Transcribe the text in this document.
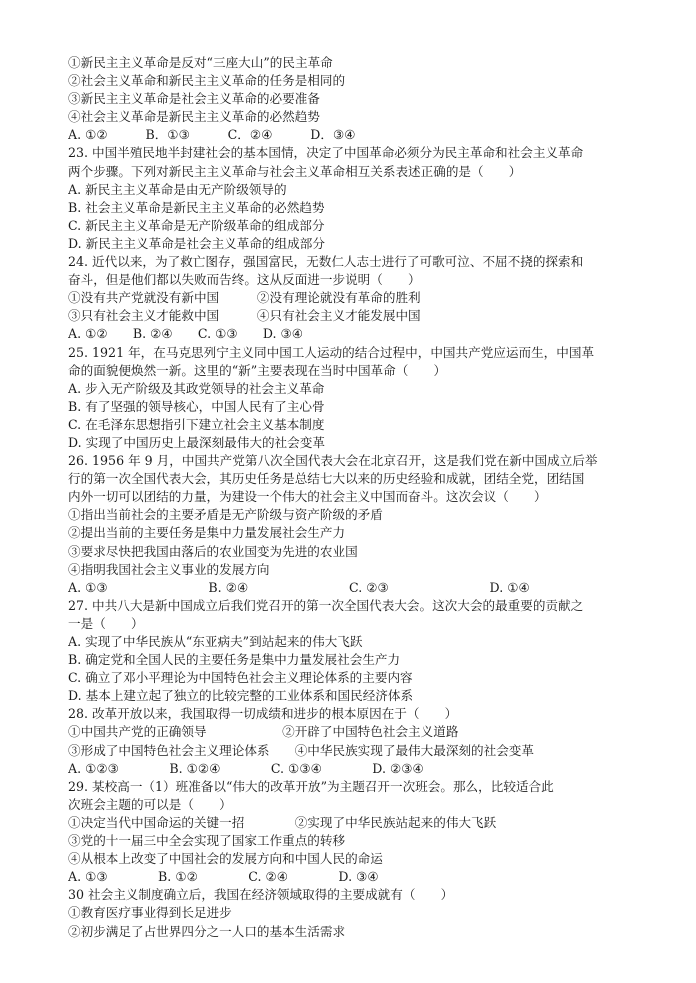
①新民主主义革命是反对“三座大山”的民主革命
②社会主义革命和新民主主义革命的任务是相同的
③新民主主义革命是社会主义革命的必要准备
④社会主义革命是新民主主义革命的必然趋势
A. ①②　　　B．①③　　　C．②④　　　D．③④
23. 中国半殖民地半封建社会的基本国情，决定了中国革命必须分为民主革命和社会主义革命
两个步骤。下列对新民主主义革命与社会主义革命相互关系表述正确的是（　　）
A. 新民主主义革命是由无产阶级领导的
B. 社会主义革命是新民主主义革命的必然趋势
C. 新民主主义革命是无产阶级革命的组成部分
D. 新民主主义革命是社会主义革命的组成部分
24. 近代以来，为了救亡图存，强国富民，无数仁人志士进行了可歌可泣、不屈不挠的探索和
奋斗，但是他们都以失败而告终。这从反面进一步说明（　　）
①没有共产党就没有新中国　　　②没有理论就没有革命的胜利
③只有社会主义才能救中国　　　④只有社会主义才能发展中国
A. ①②　　B. ②④　　C. ①③　　D. ③④
25. 1921 年，在马克思列宁主义同中国工人运动的结合过程中，中国共产党应运而生，中国革
命的面貌便焕然一新。这里的“新”主要表现在当时中国革命（　　）
A. 步入无产阶级及其政党领导的社会主义革命
B. 有了坚强的领导核心，中国人民有了主心骨
C. 在毛泽东思想指引下建立社会主义基本制度
D. 实现了中国历史上最深刻最伟大的社会变革
26. 1956 年 9 月，中国共产党第八次全国代表大会在北京召开，这是我们党在新中国成立后举
行的第一次全国代表大会，其历史任务是总结七大以来的历史经验和成就，团结全党，团结国
内外一切可以团结的力量，为建设一个伟大的社会主义中国而奋斗。这次会议（　　）
①指出当前社会的主要矛盾是无产阶级与资产阶级的矛盾
②提出当前的主要任务是集中力量发展社会生产力
③要求尽快把我国由落后的农业国变为先进的农业国
④指明我国社会主义事业的发展方向
A. ①③　　　　　　　　B. ②④　　　　　　　　C. ②③　　　　　　　　D. ①④
27. 中共八大是新中国成立后我们党召开的第一次全国代表大会。这次大会的最重要的贡献之
一是（　　）
A. 实现了中华民族从“东亚病夫”到站起来的伟大飞跃
B. 确定党和全国人民的主要任务是集中力量发展社会生产力
C. 确立了邓小平理论为中国特色社会主义理论体系的主要内容
D. 基本上建立起了独立的比较完整的工业体系和国民经济体系
28. 改革开放以来，我国取得一切成绩和进步的根本原因在于（　　）
①中国共产党的正确领导　　　　　　②开辟了中国特色社会主义道路
③形成了中国特色社会主义理论体系　　④中华民族实现了最伟大最深刻的社会变革
A. ①②③　　　　B. ①②④　　　　C. ①③④　　　　D. ②③④
29. 某校高一（1）班准备以“伟大的改革开放”为主题召开一次班会。那么，比较适合此
次班会主题的可以是（　　）
①决定当代中国命运的关键一招　　　　②实现了中华民族站起来的伟大飞跃
③党的十一届三中全会实现了国家工作重点的转移
④从根本上改变了中国社会的发展方向和中国人民的命运
A. ①③　　　　B. ①②　　　　C. ②④　　　　D. ③④
30 社会主义制度确立后，我国在经济领域取得的主要成就有（　　）
①教育医疗事业得到长足进步
②初步满足了占世界四分之一人口的基本生活需求
